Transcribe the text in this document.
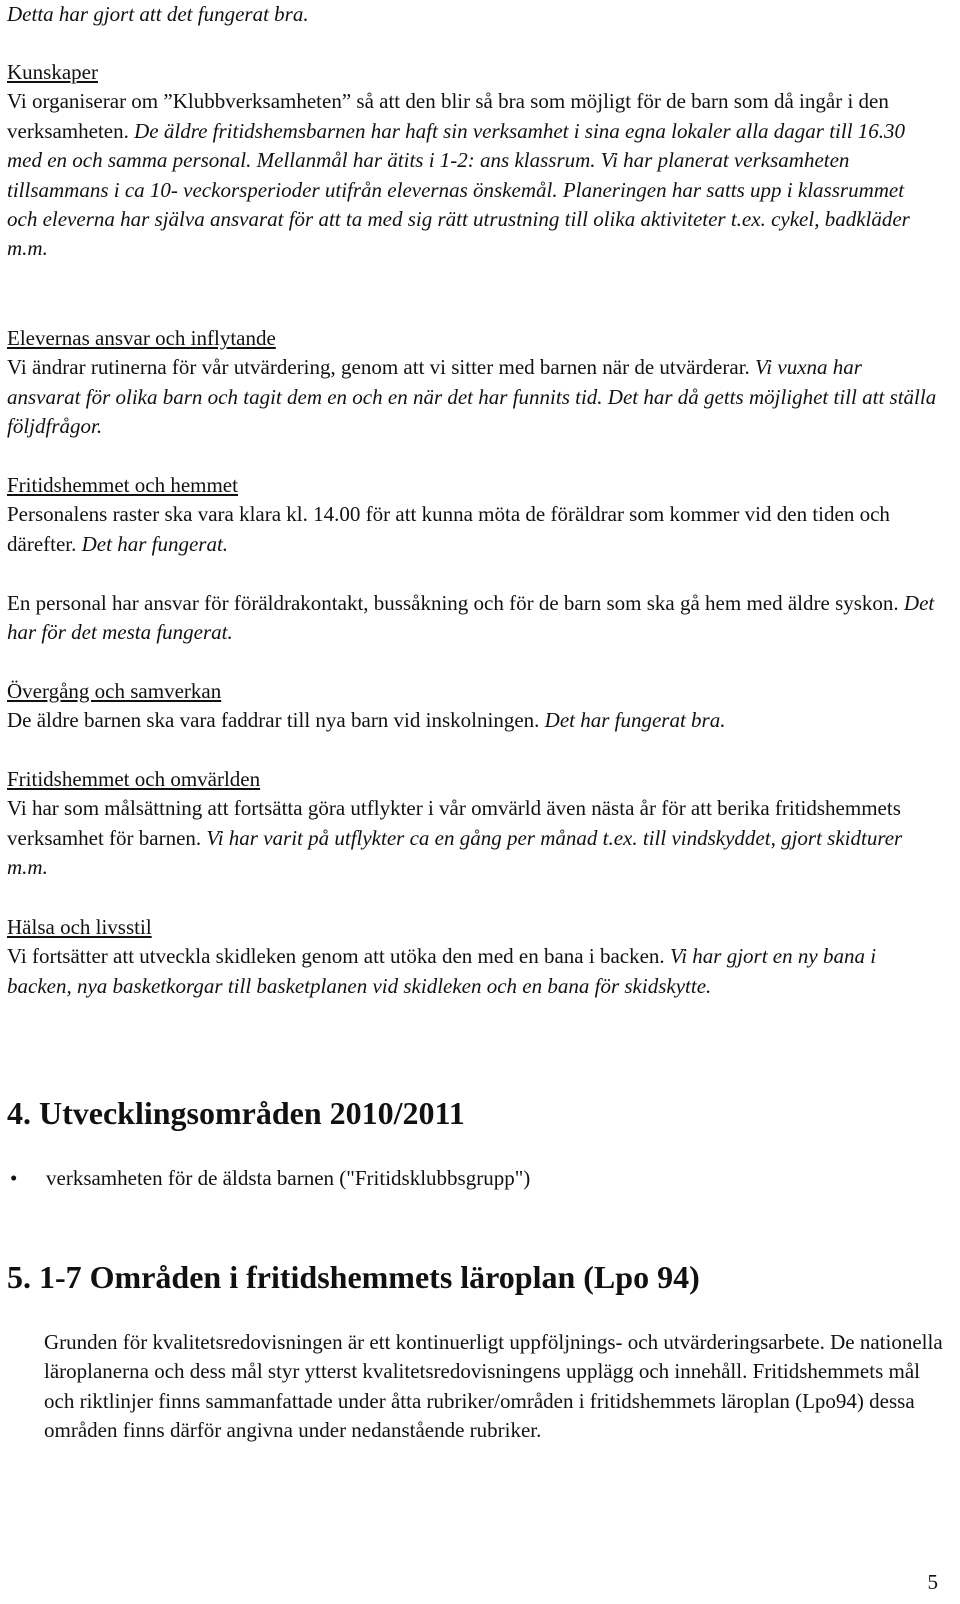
Detta har gjort att det fungerat bra.

Kunskaper
Vi organiserar om ”Klubbverksamheten” så att den blir så bra som möjligt för de barn som då ingår i den verksamheten. De äldre fritidshemsbarnen har haft sin verksamhet i sina egna lokaler alla dagar till 16.30 med en och samma personal. Mellanmål har ätits i 1-2: ans klassrum. Vi har planerat verksamheten tillsammans i ca 10- veckorsperioder utifrån elevernas önskemål. Planeringen har satts upp i klassrummet och eleverna har själva ansvarat för att ta med sig rätt utrustning till olika aktiviteter t.ex. cykel, badkläder m.m.
Elevernas ansvar och inflytande
Vi ändrar rutinerna för vår utvärdering, genom att vi sitter med barnen när de utvärderar. Vi vuxna har ansvarat för olika barn och tagit dem en och en när det har funnits tid. Det har då getts möjlighet till att ställa följdfrågor.
Fritidshemmet och hemmet
Personalens raster ska vara klara kl. 14.00 för att kunna möta de föräldrar som kommer vid den tiden och därefter. Det har fungerat.
En personal har ansvar för föräldrakontakt, bussåkning och för de barn som ska gå hem med äldre syskon. Det har för det mesta fungerat.
Övergång och samverkan
De äldre barnen ska vara faddrar till nya barn vid inskolningen. Det har fungerat bra.
Fritidshemmet och omvärlden
Vi har som målsättning att fortsätta göra utflykter i vår omvärld även nästa år för att berika fritidshemmets verksamhet för barnen. Vi har varit på utflykter ca en gång per månad t.ex. till vindskyddet, gjort skidturer m.m.
Hälsa och livsstil
Vi fortsätter att utveckla skidleken genom att utöka den med en bana i backen. Vi har gjort en ny bana i backen, nya basketkorgar till basketplanen vid skidleken och en bana för skidskytte.
4. Utvecklingsområden 2010/2011
• verksamheten för de äldsta barnen ("Fritidsklubbsgrupp")
5. 1-7 Områden i fritidshemmets läroplan (Lpo 94)

Grunden för kvalitetsredovisningen är ett kontinuerligt uppföljnings- och utvärderingsarbete. De nationella läroplanerna och dess mål styr ytterst kvalitetsredovisningens upplägg och innehåll. Fritidshemmets mål och riktlinjer finns sammanfattade under åtta rubriker/områden i fritidshemmets läroplan (Lpo94) dessa områden finns därför angivna under nedanstående rubriker.

5
